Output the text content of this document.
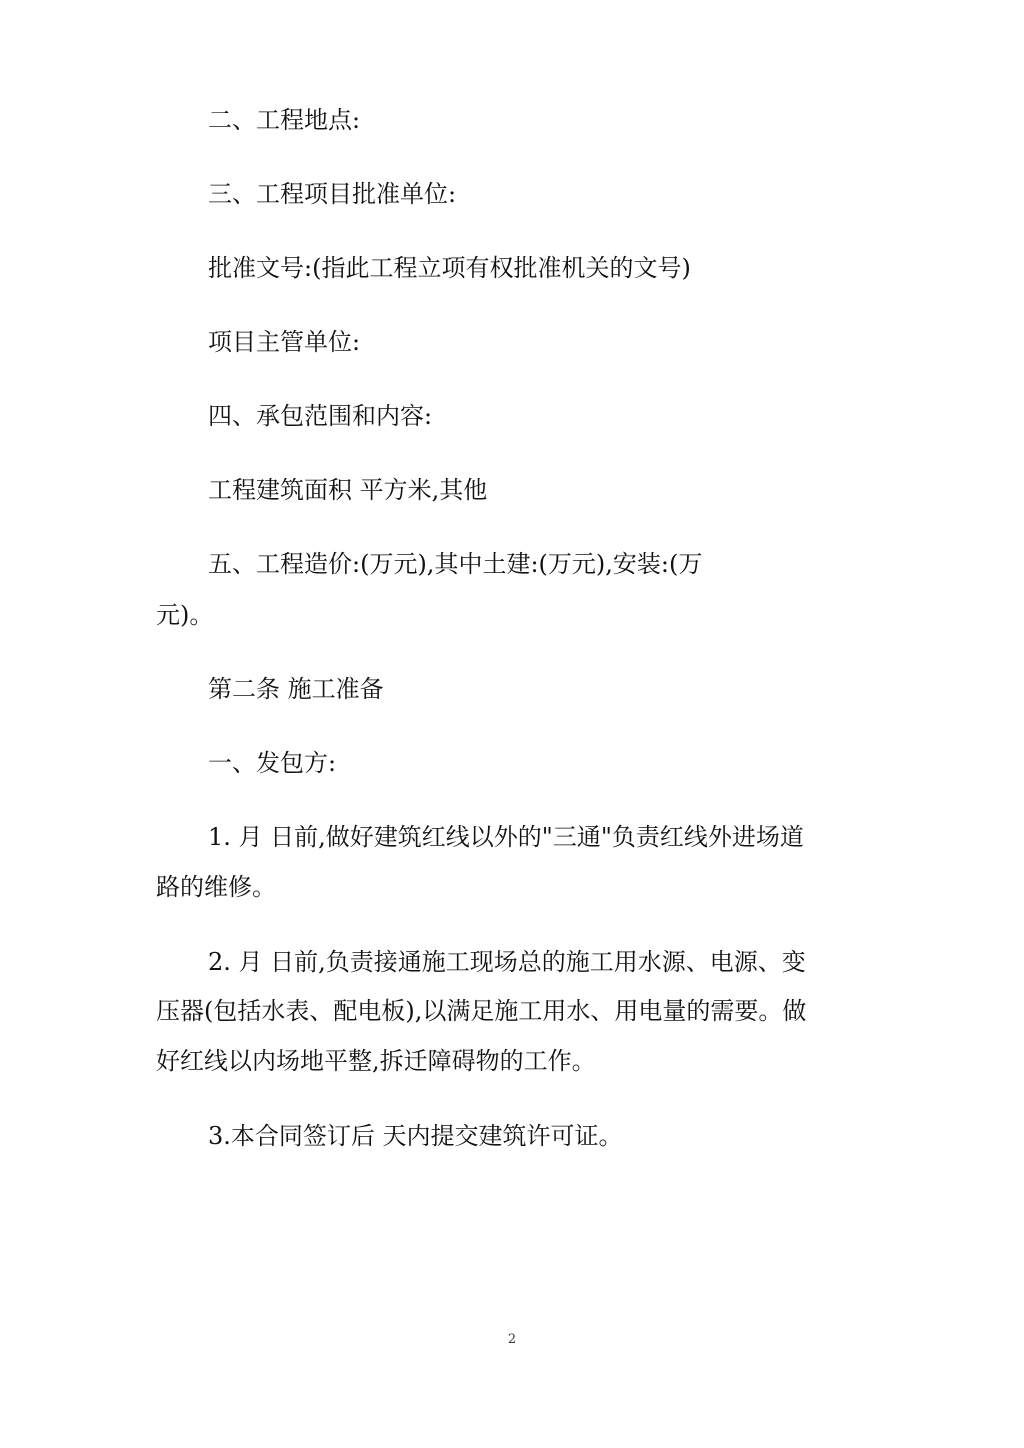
二、工程地点:
三、工程项目批准单位:
批准文号:(指此工程立项有权批准机关的文号)
项目主管单位:
四、承包范围和内容:
工程建筑面积 平方米,其他
五、工程造价:(万元),其中土建:(万元),安装:(万
元)。
第二条 施工准备
一、发包方:
1. 月 日前,做好建筑红线以外的"三通"负责红线外进场道
路的维修。
2. 月 日前,负责接通施工现场总的施工用水源、电源、变
压器(包括水表、配电板),以满足施工用水、用电量的需要。做
好红线以内场地平整,拆迁障碍物的工作。
3.本合同签订后 天内提交建筑许可证。
2
